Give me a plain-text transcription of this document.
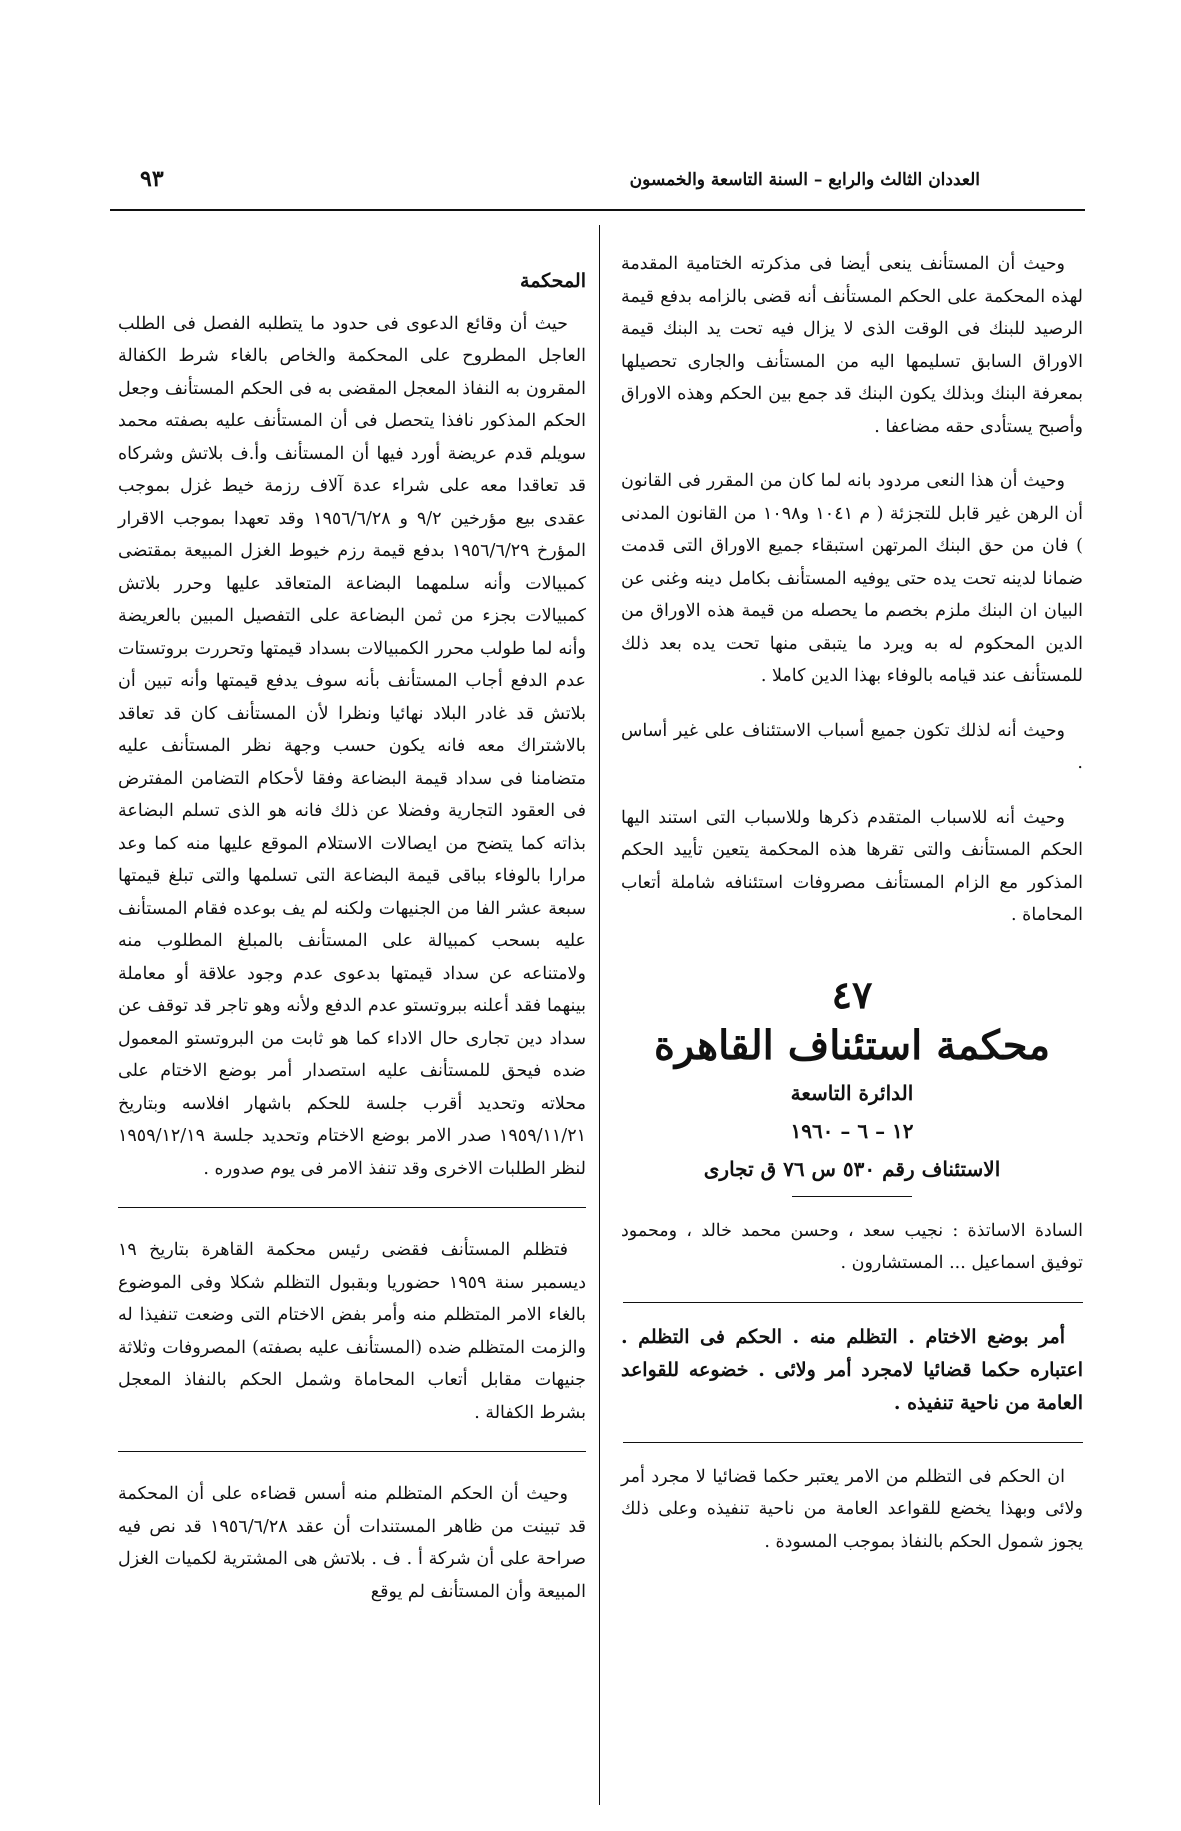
العددان الثالث والرابع – السنة التاسعة والخمسون
٩٣

وحيث أن المستأنف ينعى أيضا فى مذكرته الختامية المقدمة لهذه المحكمة على الحكم المستأنف أنه قضى بالزامه بدفع قيمة الرصيد للبنك فى الوقت الذى لا يزال فيه تحت يد البنك قيمة الاوراق السابق تسليمها اليه من المستأنف والجارى تحصيلها بمعرفة البنك وبذلك يكون البنك قد جمع بين الحكم وهذه الاوراق وأصبح يستأدى حقه مضاعفا .

وحيث أن هذا النعى مردود بانه لما كان من المقرر فى القانون أن الرهن غير قابل للتجزئة ( م ١٠٤١ و١٠٩٨ من القانون المدنى ) فان من حق البنك المرتهن استبقاء جميع الاوراق التى قدمت ضمانا لدينه تحت يده حتى يوفيه المستأنف بكامل دينه وغنى عن البيان ان البنك ملزم بخصم ما يحصله من قيمة هذه الاوراق من الدين المحكوم له به ويرد ما يتبقى منها تحت يده بعد ذلك للمستأنف عند قيامه بالوفاء بهذا الدين كاملا .

وحيث أنه لذلك تكون جميع أسباب الاستئناف على غير أساس .

وحيث أنه للاسباب المتقدم ذكرها وللاسباب التى استند اليها الحكم المستأنف والتى تقرها هذه المحكمة يتعين تأييد الحكم المذكور مع الزام المستأنف مصروفات استئنافه شاملة أتعاب المحاماة .

٤٧
محكمة استئناف القاهرة
الدائرة التاسعة
١٢ – ٦ – ١٩٦٠
الاستئناف رقم ٥٣٠ س ٧٦ ق تجارى

السادة الاساتذة : نجيب سعد ، وحسن محمد خالد ، ومحمود توفيق اسماعيل ... المستشارون .

أمر بوضع الاختام . التظلم منه . الحكم فى التظلم . اعتباره حكما قضائيا لامجرد أمر ولائى . خضوعه للقواعد العامة من ناحية تنفيذه .

ان الحكم فى التظلم من الامر يعتبر حكما قضائيا لا مجرد أمر ولائى وبهذا يخضع للقواعد العامة من ناحية تنفيذه وعلى ذلك يجوز شمول الحكم بالنفاذ بموجب المسودة .

المحكمة

حيث أن وقائع الدعوى فى حدود ما يتطلبه الفصل فى الطلب العاجل المطروح على المحكمة والخاص بالغاء شرط الكفالة المقرون به النفاذ المعجل المقضى به فى الحكم المستأنف وجعل الحكم المذكور نافذا يتحصل فى أن المستأنف عليه بصفته محمد سويلم قدم عريضة أورد فيها أن المستأنف وأ.ف بلاتش وشركاه قد تعاقدا معه على شراء عدة آلاف رزمة خيط غزل بموجب عقدى بيع مؤرخين ٩/٢ و ١٩٥٦/٦/٢٨ وقد تعهدا بموجب الاقرار المؤرخ ١٩٥٦/٦/٢٩ بدفع قيمة رزم خيوط الغزل المبيعة بمقتضى كمبيالات وأنه سلمهما البضاعة المتعاقد عليها وحرر بلاتش كمبيالات بجزء من ثمن البضاعة على التفصيل المبين بالعريضة وأنه لما طولب محرر الكمبيالات بسداد قيمتها وتحررت بروتستات عدم الدفع أجاب المستأنف بأنه سوف يدفع قيمتها وأنه تبين أن بلاتش قد غادر البلاد نهائيا ونظرا لأن المستأنف كان قد تعاقد بالاشتراك معه فانه يكون حسب وجهة نظر المستأنف عليه متضامنا فى سداد قيمة البضاعة وفقا لأحكام التضامن المفترض فى العقود التجارية وفضلا عن ذلك فانه هو الذى تسلم البضاعة بذاته كما يتضح من ايصالات الاستلام الموقع عليها منه كما وعد مرارا بالوفاء بباقى قيمة البضاعة التى تسلمها والتى تبلغ قيمتها سبعة عشر الفا من الجنيهات ولكنه لم يف بوعده فقام المستأنف عليه بسحب كمبيالة على المستأنف بالمبلغ المطلوب منه ولامتناعه عن سداد قيمتها بدعوى عدم وجود علاقة أو معاملة بينهما فقد أعلنه ببروتستو عدم الدفع ولأنه وهو تاجر قد توقف عن سداد دين تجارى حال الاداء كما هو ثابت من البروتستو المعمول ضده فيحق للمستأنف عليه استصدار أمر بوضع الاختام على محلاته وتحديد أقرب جلسة للحكم باشهار افلاسه وبتاريخ ١٩٥٩/١١/٢١ صدر الامر بوضع الاختام وتحديد جلسة ١٩٥٩/١٢/١٩ لنظر الطلبات الاخرى وقد تنفذ الامر فى يوم صدوره .

فتظلم المستأنف فقضى رئيس محكمة القاهرة بتاريخ ١٩ ديسمبر سنة ١٩٥٩ حضوريا وبقبول التظلم شكلا وفى الموضوع بالغاء الامر المتظلم منه وأمر بفض الاختام التى وضعت تنفيذا له والزمت المتظلم ضده (المستأنف عليه بصفته) المصروفات وثلاثة جنيهات مقابل أتعاب المحاماة وشمل الحكم بالنفاذ المعجل بشرط الكفالة .

وحيث أن الحكم المتظلم منه أسس قضاءه على أن المحكمة قد تبينت من ظاهر المستندات أن عقد ١٩٥٦/٦/٢٨ قد نص فيه صراحة على أن شركة أ . ف . بلاتش هى المشترية لكميات الغزل المبيعة وأن المستأنف لم يوقع
